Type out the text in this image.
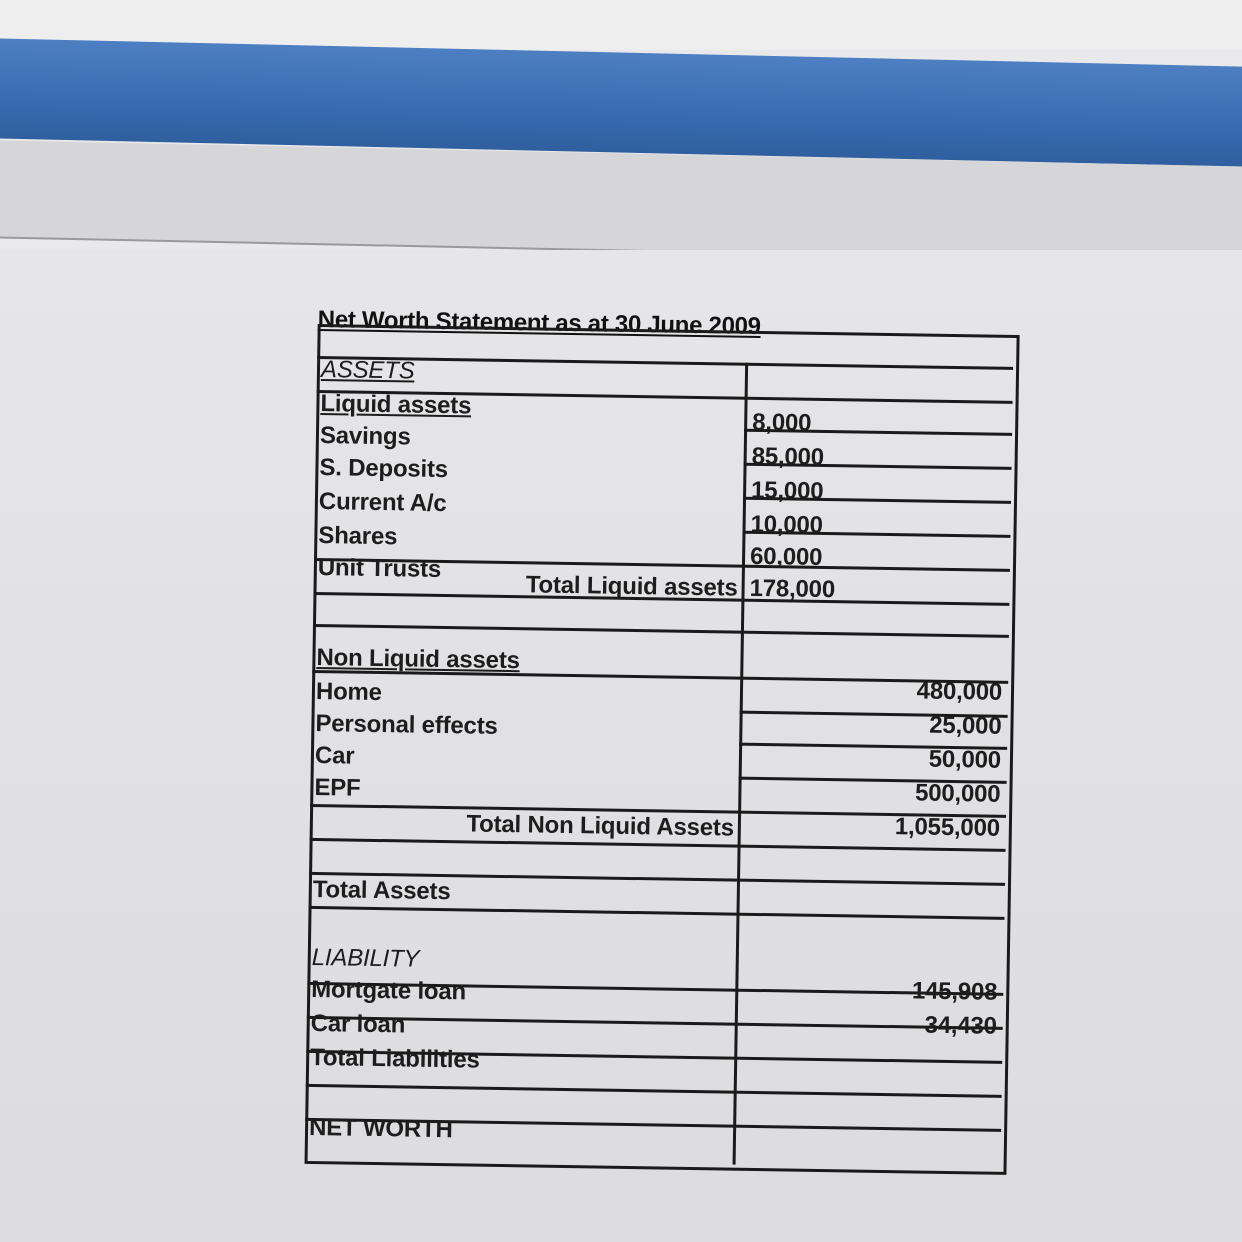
Net Worth Statement as at 30 June 2009
ASSETS
Liquid assets
Savings	8,000
S. Deposits	85,000
Current A/c	15,000
Shares	10,000
Unit Trusts	60,000
Total Liquid assets 178,000
Non Liquid assets
Home	480,000
Personal effects	25,000
Car	50,000
EPF	500,000
Total Non Liquid Assets	1,055,000
Total Assets
LIABILITY
Mortgate loan	145,908
Car loan	34,430
Total Liabilities
NET WORTH
